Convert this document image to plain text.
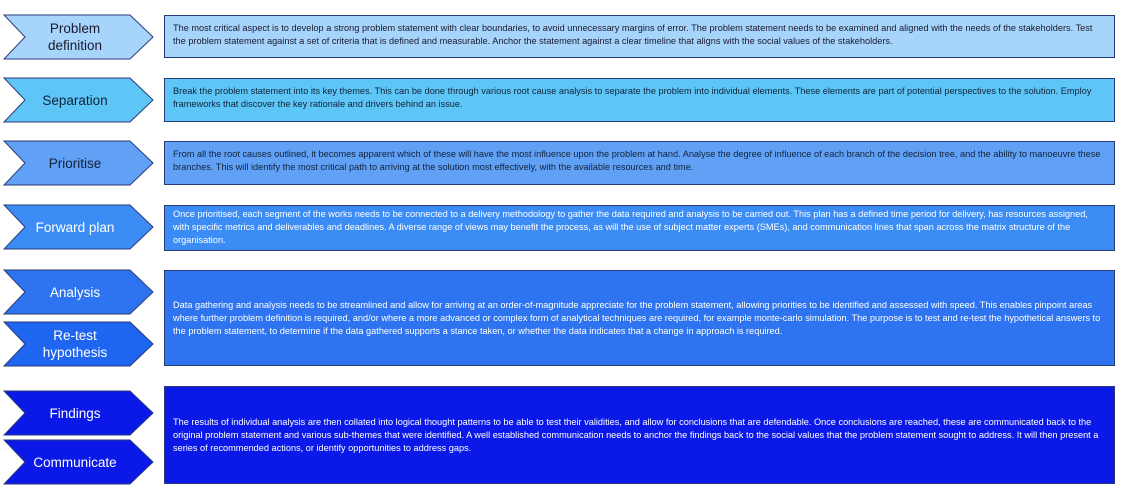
Problem
definition
Separation
Prioritise
Forward plan
Analysis
Re-test
hypothesis
Findings
Communicate
The most critical aspect is to develop a strong problem statement with clear boundaries, to avoid unnecessary margins of error. The problem statement needs to be examined and aligned with the needs of the stakeholders. Test the problem statement against a set of criteria that is defined and measurable. Anchor the statement against a clear timeline that aligns with the social values of the stakeholders.
Break the problem statement into its key themes. This can be done through various root cause analysis to separate the problem into individual elements. These elements are part of potential perspectives to the solution. Employ frameworks that discover the key rationale and drivers behind an issue.
From all the root causes outlined, it becomes apparent which of these will have the most influence upon the problem at hand. Analyse the degree of influence of each branch of the decision tree, and the ability to manoeuvre these branches. This will identify the most critical path to arriving at the solution most effectively, with the available resources and time.
Once prioritised, each segment of the works needs to be connected to a delivery methodology to gather the data required and analysis to be carried out. This plan has a defined time period for delivery, has resources assigned, with specific metrics and deliverables and deadlines. A diverse range of views may benefit the process, as will the use of subject matter experts (SMEs), and communication lines that span across the matrix structure of the organisation.
Data gathering and analysis needs to be streamlined and allow for arriving at an order-of-magnitude appreciate for the problem statement, allowing priorities to be identified and assessed with speed. This enables pinpoint areas where further problem definition is required, and/or where a more advanced or complex form of analytical techniques are required, for example monte-carlo simulation. The purpose is to test and re-test the hypothetical answers to the problem statement, to determine if the data gathered supports a stance taken, or whether the data indicates that a change in approach is required.
The results of individual analysis are then collated into logical thought patterns to be able to test their validities, and allow for conclusions that are defendable. Once conclusions are reached, these are communicated back to the original problem statement and various sub-themes that were identified. A well established communication needs to anchor the findings back to the social values that the problem statement sought to address. It will then present a series of recommended actions, or identify opportunities to address gaps.
